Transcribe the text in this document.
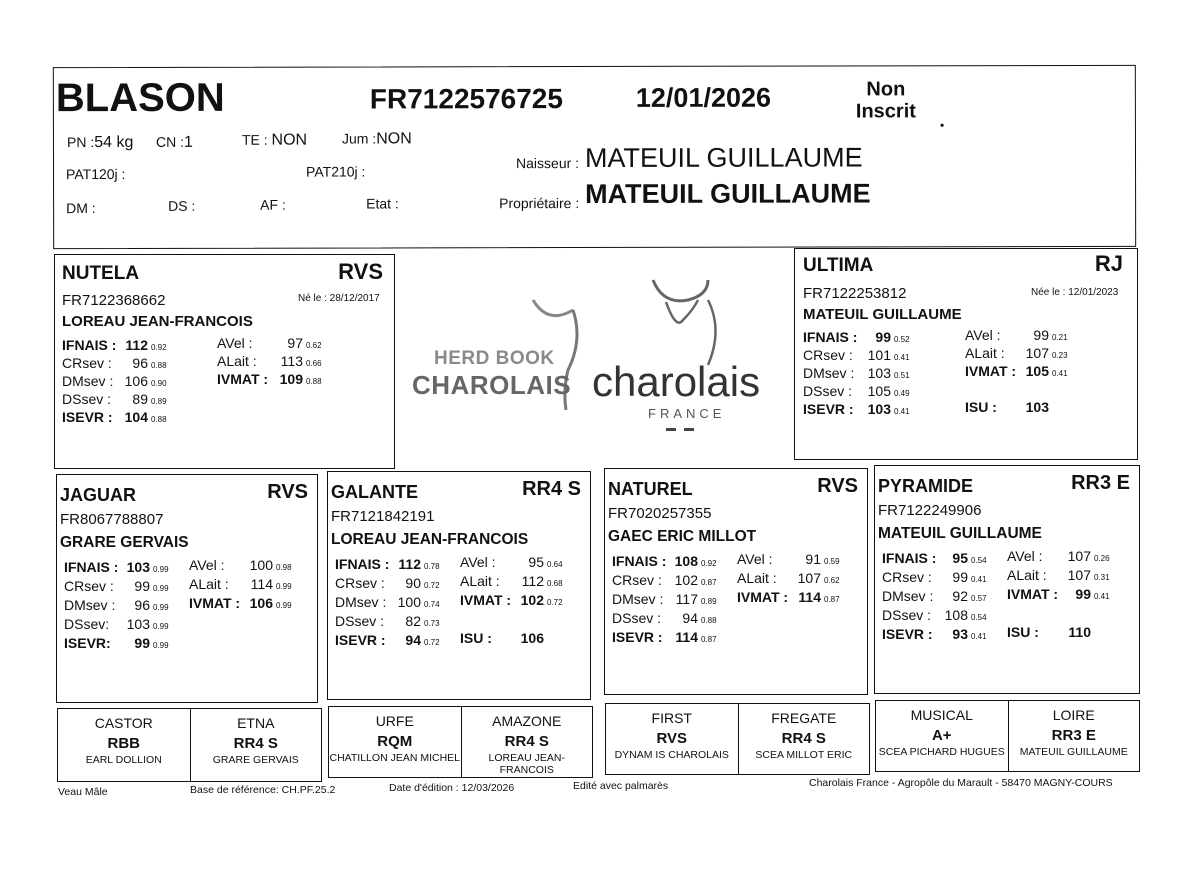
BLASON	FR7122576725	12/01/2026	Non
Inscrit
•
PN :54 kg CN :1	TE : NON Jum :NON
PAT120j :	PAT210j :
DM :	DS :	AF :	Etat :
Naisseur : MATEUIL GUILLAUME
Propriétaire : MATEUIL GUILLAUME
NUTELA	RVS
FR7122368662	Né le : 28/12/2017
LOREAU JEAN-FRANCOIS
IFNAIS : 112 0.92
CRsev :	96 0.88
DMsev : 106 0.90
DSsev :	89 0.89
ISEVR : 104 0.88
AVel :	97 0.62
ALait :	113 0.66
IVMAT : 109 0.88
HERD BOOK
CHAROLAIS charolais
FRANCE
ULTIMA	RJ
FR7122253812	Née le : 12/01/2023
MATEUIL GUILLAUME
IFNAIS :	99 0.52
CRsev :	101 0.41
DMsev : 103 0.51
DSsev :	105 0.49
ISEVR :	103 0.41
AVel :	99 0.21
ALait :	107 0.23
IVMAT : 105 0.41
ISU :	103
JAGUAR	RVS
FR8067788807
GRARE GERVAIS
IFNAIS : 103 0.99
CRsev :	99 0.99
DMsev :	96 0.99
DSsev:	103 0.99
ISEVR:	99 0.99
AVel :	100 0.98
ALait :	114 0.99
IVMAT : 106 0.99
GALANTE	RR4 S
FR7121842191
LOREAU JEAN-FRANCOIS
IFNAIS : 112 0.78
CRsev :	90 0.72
DMsev : 100 0.74
DSsev :	82 0.73
ISEVR :	94 0.72
AVel :	95 0.64
ALait :	112 0.68
IVMAT : 102 0.72
ISU :	106
NATUREL	RVS
FR7020257355
GAEC ERIC MILLOT
IFNAIS : 108 0.92
CRsev : 102 0.87
DMsev : 117 0.89
DSsev :	94 0.88
ISEVR : 114 0.87
AVel :	91 0.59
ALait :	107 0.62
IVMAT : 114 0.87
PYRAMIDE	RR3 E
FR7122249906
MATEUIL GUILLAUME
IFNAIS :	95 0.54
CRsev :	99 0.41
DMsev :	92 0.57
DSsev : 108 0.54
ISEVR :	93 0.41
AVel :	107 0.26
ALait :	107 0.31
IVMAT :	99 0.41
ISU :	110
CASTOR
RBB
EARL DOLLION
ETNA
RR4 S
GRARE GERVAIS
URFE
RQM
CHATILLON JEAN MICHEL
AMAZONE
RR4 S
LOREAU JEAN-FRANCOIS
FIRST
RVS
DYNAM IS CHAROLAIS
FREGATE
RR4 S
SCEA MILLOT ERIC
MUSICAL
A+
SCEA PICHARD HUGUES
LOIRE
RR3 E
MATEUIL GUILLAUME
Veau Mâle	Base de référence: CH.PF.25.2	Date d'édition : 12/03/2026	Edité avec palmarès	Charolais France - Agropôle du Marault - 58470 MAGNY-COURS
